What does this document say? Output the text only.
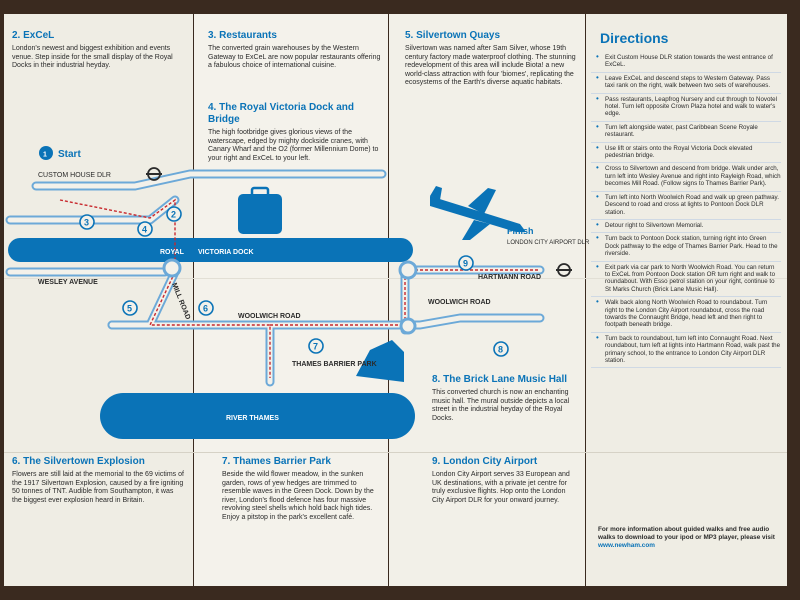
2. ExCeL

London's newest and biggest exhibition and events venue. Step inside for the small display of the Royal Docks in their industrial heyday.

3. Restaurants

The converted grain warehouses by the Western Gateway to ExCeL are now popular restaurants offering a fabulous choice of international cuisine.

4. The Royal Victoria Dock and Bridge

The high footbridge gives glorious views of the waterscape, edged by mighty dockside cranes, with Canary Wharf and the O2 (former Millennium Dome) to your right and ExCeL to your left.

5. Silvertown Quays

Silvertown was named after Sam Silver, whose 19th century factory made waterproof clothing. The stunning redevelopment of this area will include Biota! a new world-class attraction with four 'biomes', replicating the ecosystems of the Earth's diverse aquatic habitats.

6. The Silvertown Explosion

Flowers are still laid at the memorial to the 69 victims of the 1917 Silvertown Explosion, caused by a fire igniting 50 tonnes of TNT. Audible from Southampton, it was the biggest ever explosion heard in Britain.

7. Thames Barrier Park

Beside the wild flower meadow, in the sunken garden, rows of yew hedges are trimmed to resemble waves in the Green Dock. Down by the river, London's flood defence has four massive revolving steel shells which hold back high tides. Enjoy a pitstop in the park's excellent café.

8. The Brick Lane Music Hall

This converted church is now an enchanting music hall. The mural outside depicts a local street in the industrial heyday of the Royal Docks.

9. London City Airport

London City Airport serves 33 European and UK destinations, with a private jet centre for truly exclusive flights. Hop onto the London City Airport DLR for your onward journey.

Directions
• Exit Custom House DLR station towards the west entrance of ExCeL.
• Leave ExCeL and descend steps to Western Gateway. Pass taxi rank on the right, walk between two sets of warehouses.
• Pass restaurants, Leapfrog Nursery and cut through to Novotel hotel. Turn left opposite Crown Plaza hotel and walk to water's edge.
• Turn left alongside water, past Caribbean Scene Royale restaurant.
• Use lift or stairs onto the Royal Victoria Dock elevated pedestrian bridge.
• Cross to Silvertown and descend from bridge. Walk under arch, turn left into Wesley Avenue and right into Rayleigh Road, which becomes Mill Road. (Follow signs to Thames Barrier Park).
• Turn left into North Woolwich Road and walk up green pathway. Descend to road and cross at lights to Pontoon Dock DLR station.
• Detour right to Silvertown Memorial.
• Turn back to Pontoon Dock station, turning right into Green Dock pathway to the edge of Thames Barrier Park. Head to the riverside.
• Exit park via car park to North Woolwich Road. You can return to ExCeL from Pontoon Dock station OR turn right and walk to roundabout. With Esso petrol station on your right, continue to St Marks Church (Brick Lane Music Hall).
• Walk back along North Woolwich Road to roundabout. Turn right to the London City Airport roundabout, cross the road towards the Connaught Bridge, head left and then right to footpath beneath bridge.
• Turn back to roundabout, turn left into Connaught Road. Next roundabout, turn left at lights into Hartmann Road, walk past the primary school, to the entrance to London City Airport DLR station.
For more information about guided walks and free audio walks to download to your ipod or MP3 player, please visit
www.newham.com
1
2
3
4
5	6
7	8
9
Start
CUSTOM HOUSE DLR
ROYAL VICTORIA DOCK
WESLEY AVENUE	MILL ROAD	WOOLWICH ROAD
WOOLWICH ROAD
THAMES BARRIER PARK
RIVER THAMES
Finish
LONDON CITY AIRPORT DLR
HARTMANN ROAD
